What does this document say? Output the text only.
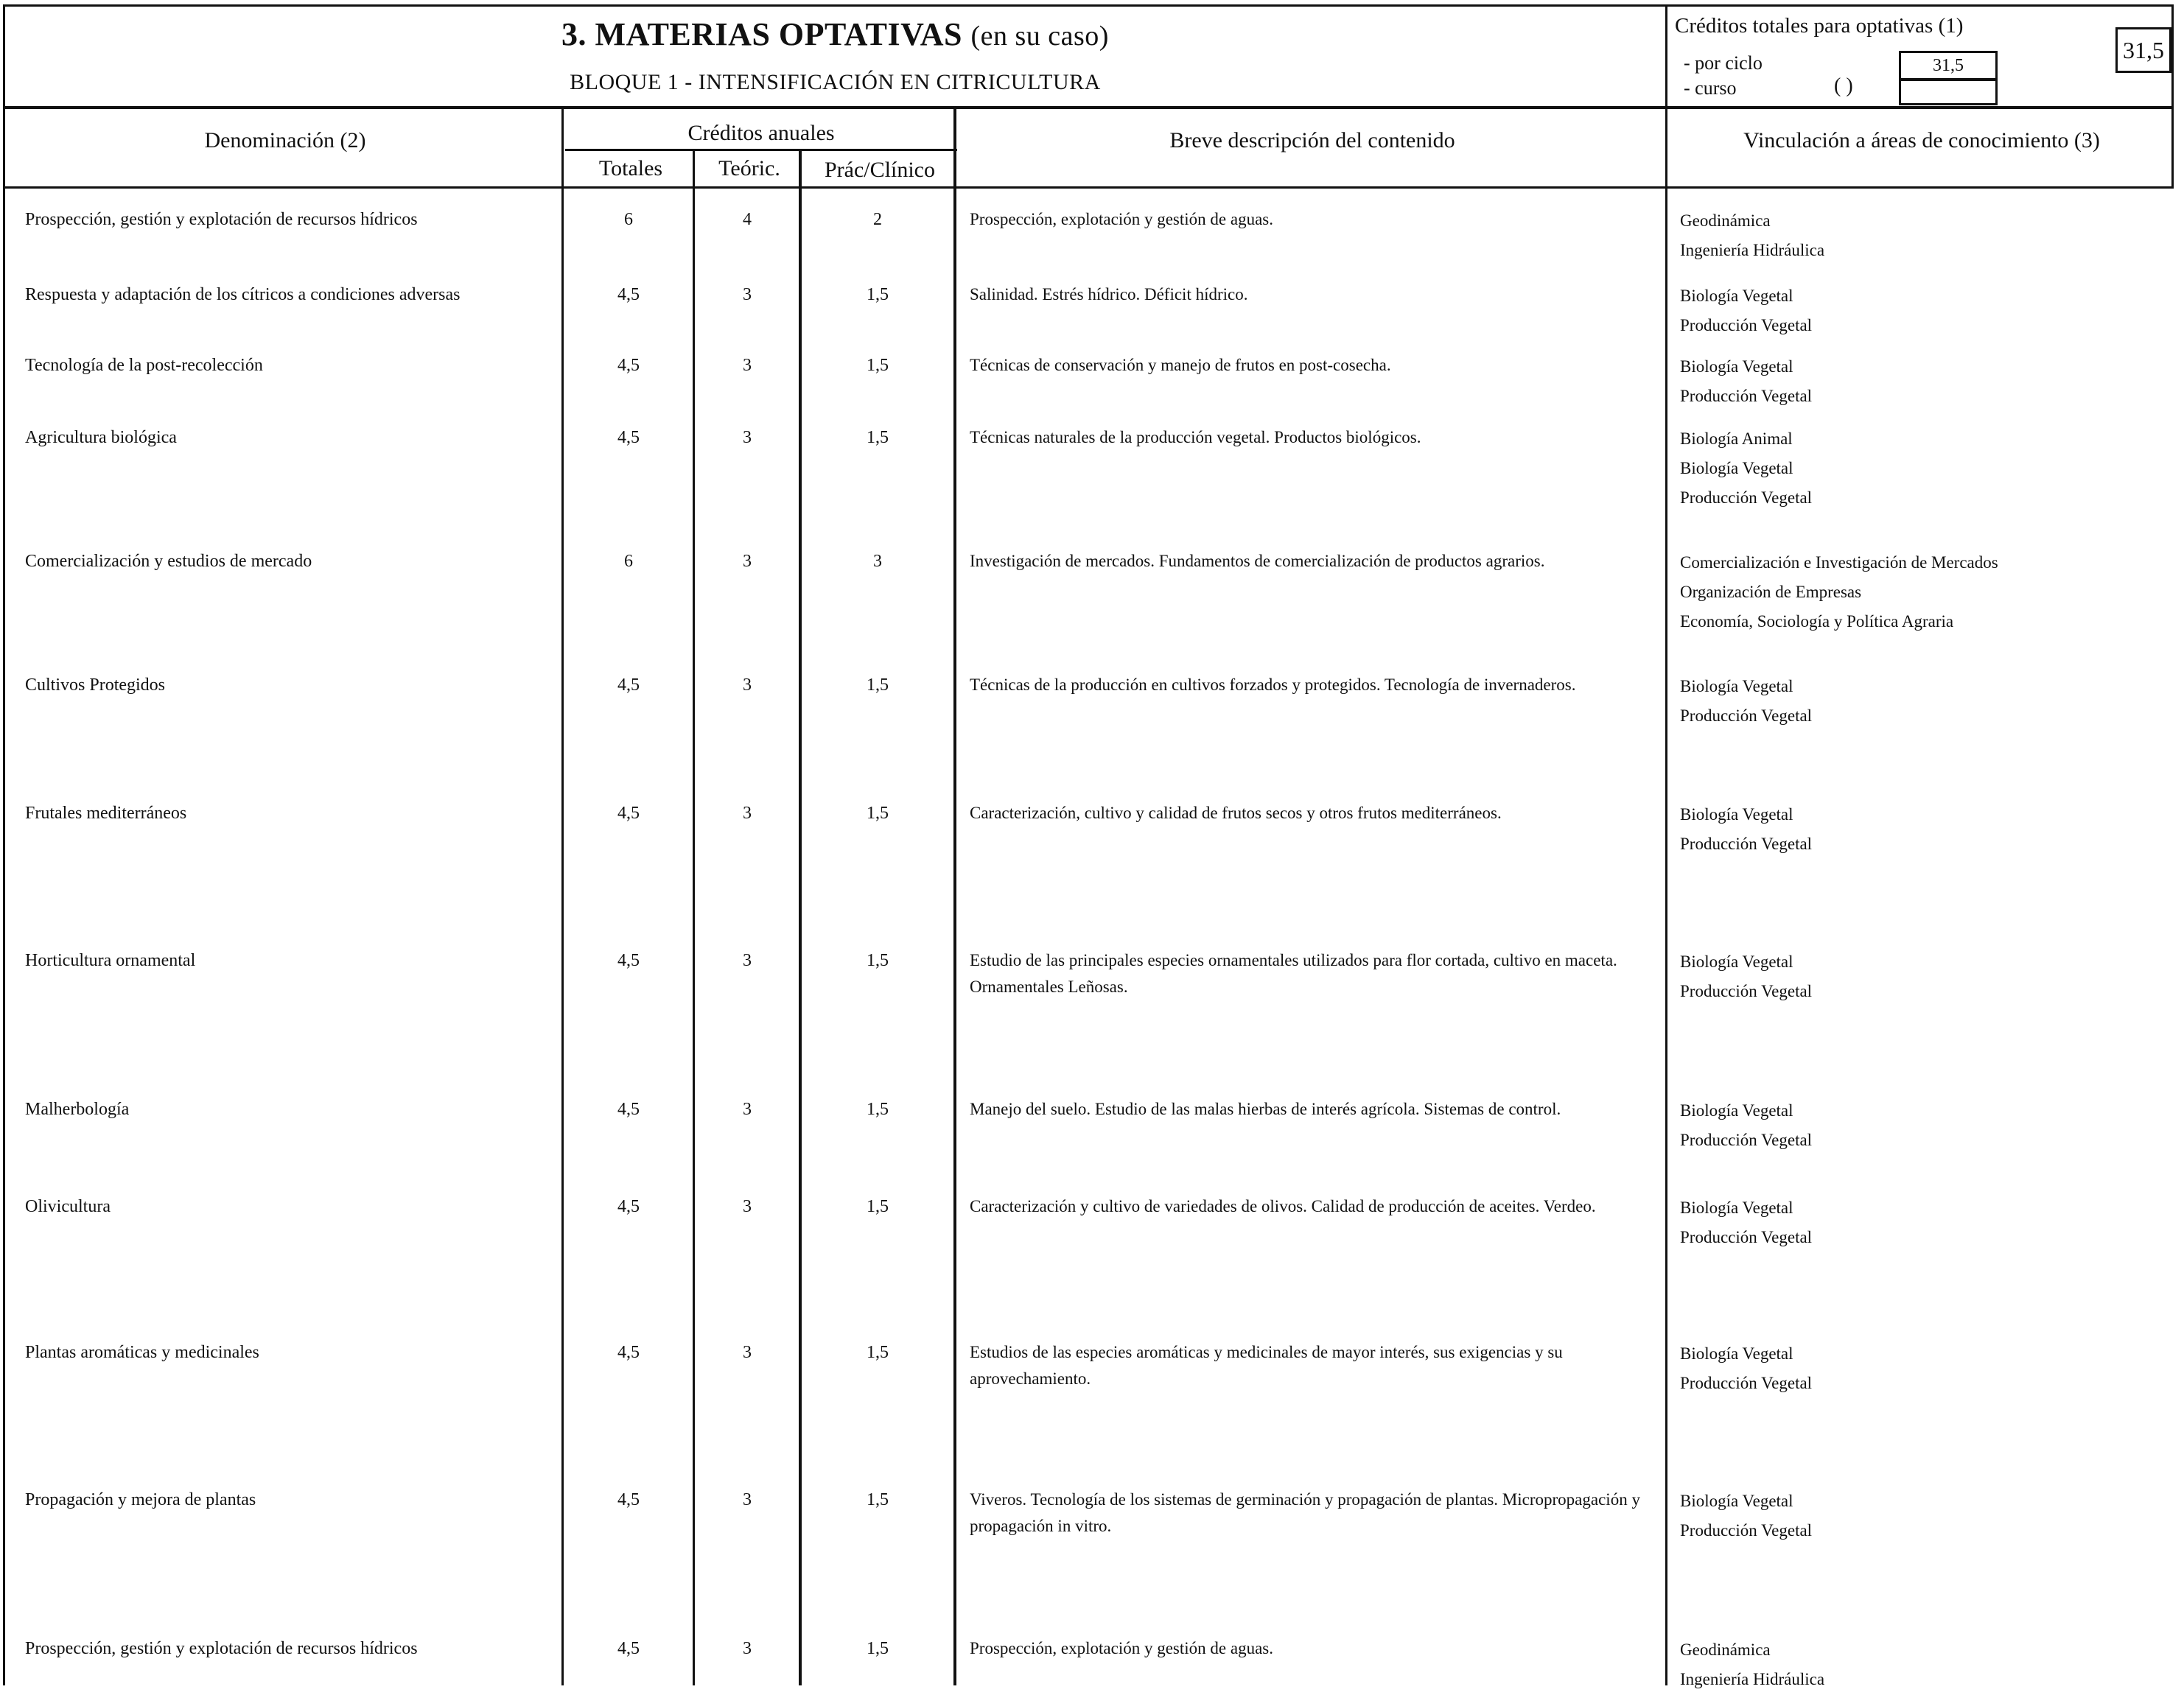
3. MATERIAS OPTATIVAS (en su caso)
BLOQUE 1 - INTENSIFICACIÓN EN CITRICULTURA
Créditos totales para optativas (1)
- por ciclo
- curso	( )
31,5
31,5
Denominación (2)	Créditos anuales	Breve descripción del contenido	Vinculación a áreas de conocimiento (3)
Totales	Teóric.	Prác/Clínico
Prospección, gestión y explotación de recursos hídricos	6	4	2	Prospección, explotación y gestión de aguas.	Geodinámica
Ingeniería Hidráulica
Respuesta y adaptación de los cítricos a condiciones adversas	4,5	3	1,5	Salinidad. Estrés hídrico. Déficit hídrico.	Biología Vegetal
Producción Vegetal
Tecnología de la post-recolección	4,5	3	1,5	Técnicas de conservación y manejo de frutos en post-cosecha.	Biología Vegetal
Producción Vegetal
Agricultura biológica	4,5	3	1,5	Técnicas naturales de la producción vegetal. Productos biológicos.	Biología Animal
Biología Vegetal
Producción Vegetal
Comercialización y estudios de mercado	6	3	3	Investigación de mercados. Fundamentos de comercialización de productos agrarios.	Comercialización e Investigación de Mercados
Organización de Empresas
Economía, Sociología y Política Agraria
Cultivos Protegidos	4,5	3	1,5	Técnicas de la producción en cultivos forzados y protegidos. Tecnología de invernaderos.	Biología Vegetal
Producción Vegetal
Frutales mediterráneos	4,5	3	1,5	Caracterización, cultivo y calidad de frutos secos y otros frutos mediterráneos.	Biología Vegetal
Producción Vegetal
Horticultura ornamental	4,5	3	1,5	Estudio de las principales especies ornamentales utilizados para flor cortada, cultivo en maceta. Ornamentales Leñosas.
Biología Vegetal
Producción Vegetal
Malherbología	4,5	3	1,5	Manejo del suelo. Estudio de las malas hierbas de interés agrícola. Sistemas de control.	Biología Vegetal
Producción Vegetal
Olivicultura	4,5	3	1,5	Caracterización y cultivo de variedades de olivos. Calidad de producción de aceites. Verdeo.	Biología Vegetal
Producción Vegetal
Plantas aromáticas y medicinales	4,5	3	1,5	Estudios de las especies aromáticas y medicinales de mayor interés, sus exigencias y su aprovechamiento.
Biología Vegetal
Producción Vegetal
Propagación y mejora de plantas	4,5	3	1,5	Viveros. Tecnología de los sistemas de germinación y propagación de plantas. Micropropagación y propagación in vitro.
Biología Vegetal
Producción Vegetal
Prospección, gestión y explotación de recursos hídricos	4,5	3	1,5	Prospección, explotación y gestión de aguas.	Geodinámica
Ingeniería Hidráulica
